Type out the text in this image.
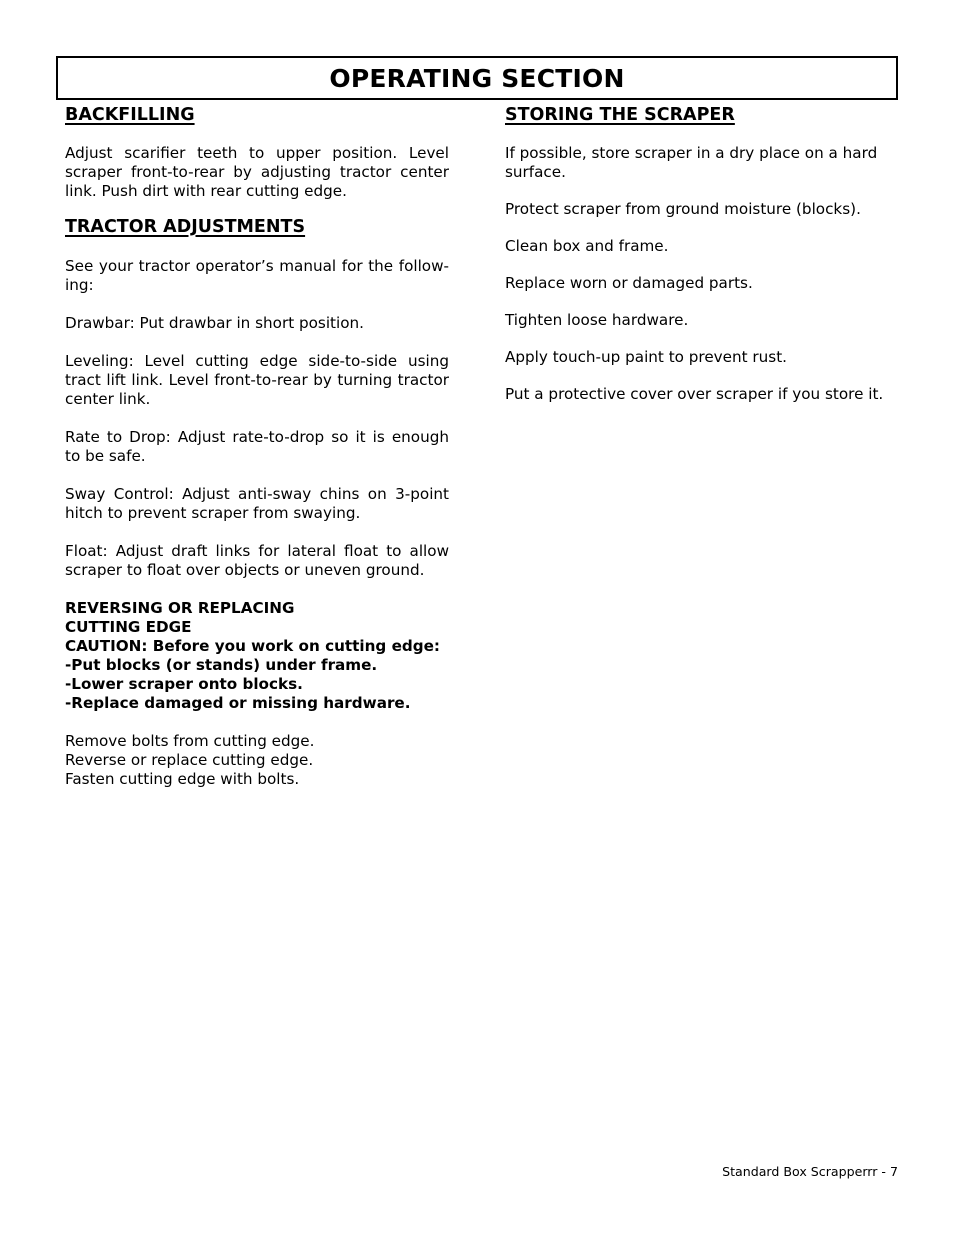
OPERATING SECTION
BACKFILLING

Adjust scarifier teeth to upper position. Level scraper front-to-rear by adjusting tractor center link. Push dirt with rear cutting edge.

TRACTOR ADJUSTMENTS

See your tractor operator’s manual for the follow-ing:

Drawbar: Put drawbar in short position.

Leveling: Level cutting edge side-to-side using tract lift link. Level front-to-rear by turning tractor center link.

Rate to Drop: Adjust rate-to-drop so it is enough to be safe.

Sway Control: Adjust anti-sway chins on 3-point hitch to prevent scraper from swaying.

Float: Adjust draft links for lateral float to allow scraper to float over objects or uneven ground.

REVERSING OR REPLACING

CUTTING EDGE

CAUTION: Before you work on cutting edge:

-Put blocks (or stands) under frame.

-Lower scraper onto blocks.

-Replace damaged or missing hardware.

Remove bolts from cutting edge.

Reverse or replace cutting edge.

Fasten cutting edge with bolts.

STORING THE SCRAPER

If possible, store scraper in a dry place on a hard surface.

Protect scraper from ground moisture (blocks).

Clean box and frame.

Replace worn or damaged parts.

Tighten loose hardware.

Apply touch-up paint to prevent rust.

Put a protective cover over scraper if you store it.

Standard Box Scrapperrr - 7
